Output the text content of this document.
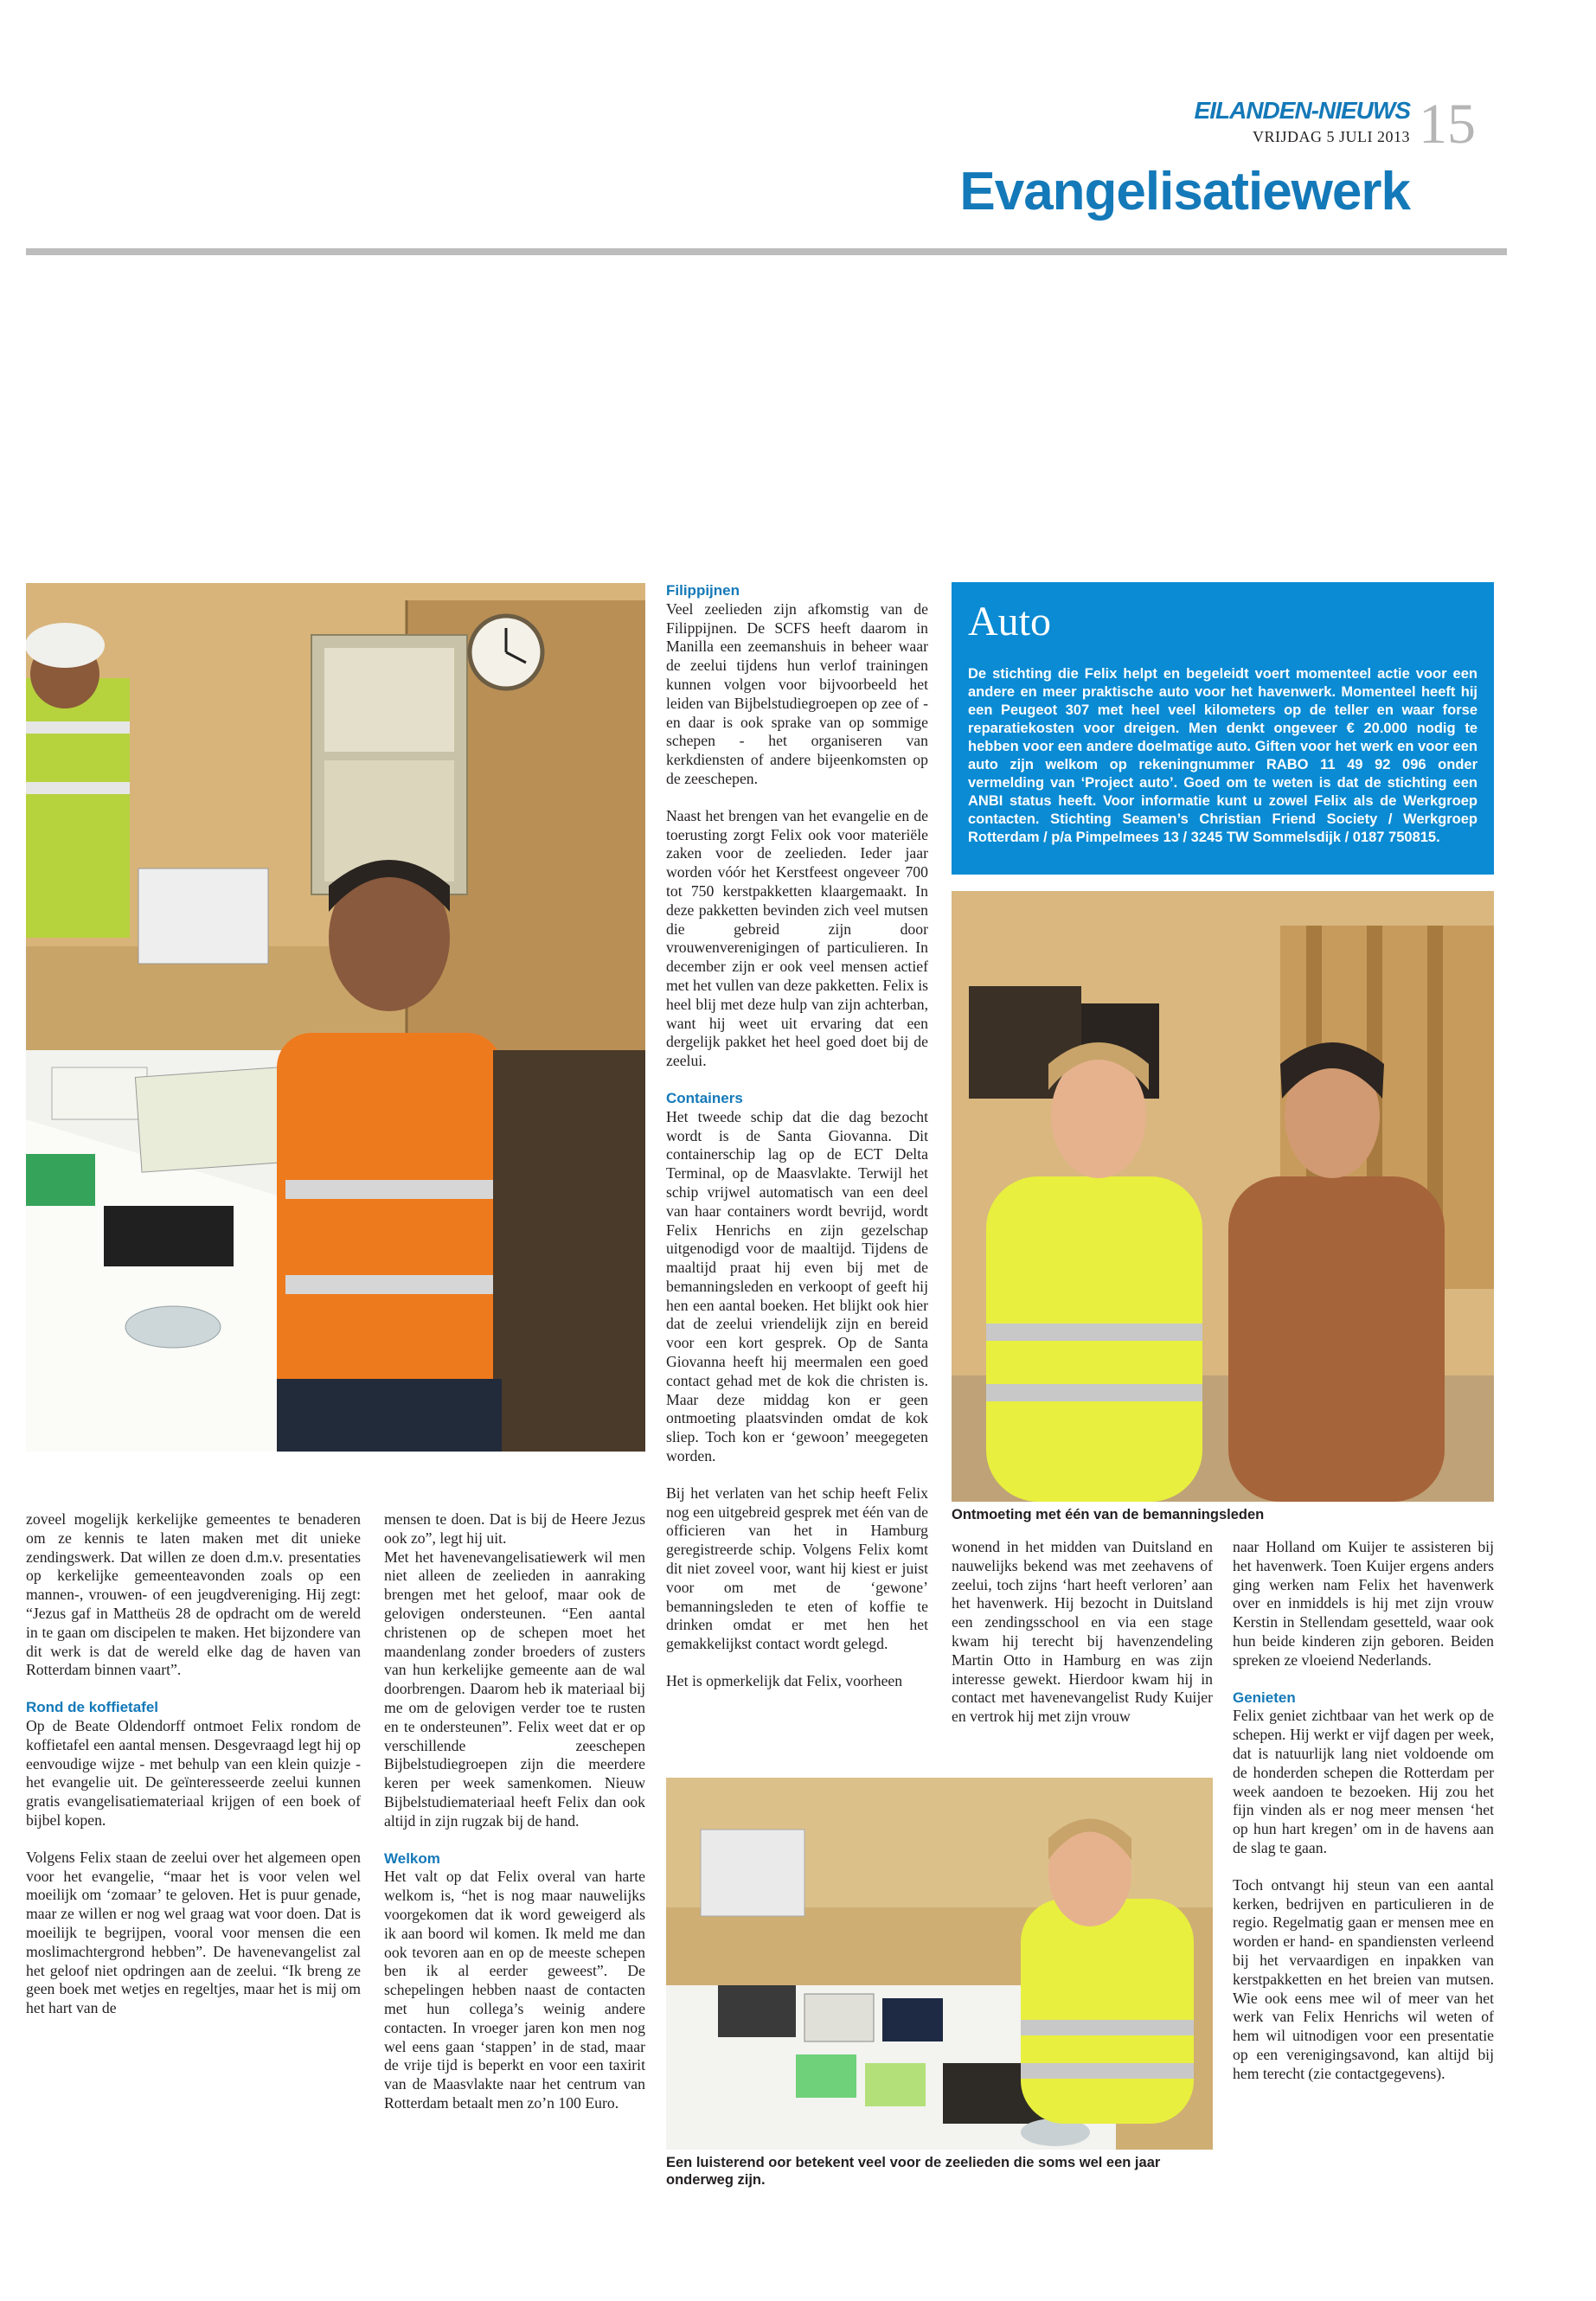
EILANDEN-NIEUWS
VRIJDAG 5 JULI 2013 15
Evangelisatiewerk

zoveel mogelijk kerkelijke gemeentes te benaderen om ze kennis te laten maken met dit unieke zendingswerk. Dat willen ze doen d.m.v. presentaties op kerkelijke gemeenteavonden zoals op een mannen-, vrouwen- of een jeugdvereniging. Hij zegt: “Jezus gaf in Mattheüs 28 de opdracht om de wereld in te gaan om discipelen te maken. Het bijzondere van dit werk is dat de wereld elke dag de haven van Rotterdam binnen vaart”.

Rond de koffietafel

Op de Beate Oldendorff ontmoet Felix rondom de koffietafel een aantal mensen. Desgevraagd legt hij op eenvoudige wijze - met behulp van een klein quizje - het evangelie uit. De geïnteresseerde zeelui kunnen gratis evangelisatiemateriaal krijgen of een boek of bijbel kopen.

Volgens Felix staan de zeelui over het algemeen open voor het evangelie, “maar het is voor velen wel moeilijk om ‘zomaar’ te geloven. Het is puur genade, maar ze willen er nog wel graag wat voor doen. Dat is moeilijk te begrijpen, vooral voor mensen die een moslimachtergrond hebben”. De havenevangelist zal het geloof niet opdringen aan de zeelui. “Ik breng ze geen boek met wetjes en regeltjes, maar het is mij om het hart van de

mensen te doen. Dat is bij de Heere Jezus ook zo”, legt hij uit.

Met het havenevangelisatiewerk wil men niet alleen de zeelieden in aanraking brengen met het geloof, maar ook de gelovigen ondersteunen. “Een aantal christenen op de schepen moet het maandenlang zonder broeders of zusters van hun kerkelijke gemeente aan de wal doorbrengen. Daarom heb ik materiaal bij me om de gelovigen verder toe te rusten en te ondersteunen”. Felix weet dat er op verschillende zeeschepen Bijbelstudiegroepen zijn die meerdere keren per week samenkomen. Nieuw Bijbelstudiemateriaal heeft Felix dan ook altijd in zijn rugzak bij de hand.

Welkom

Het valt op dat Felix overal van harte welkom is, “het is nog maar nauwelijks voorgekomen dat ik word geweigerd als ik aan boord wil komen. Ik meld me dan ook tevoren aan en op de meeste schepen ben ik al eerder geweest”. De schepelingen hebben naast de contacten met hun collega’s weinig andere contacten. In vroeger jaren kon men nog wel eens gaan ‘stappen’ in de stad, maar de vrije tijd is beperkt en voor een taxirit van de Maasvlakte naar het centrum van Rotterdam betaalt men zo’n 100 Euro.

Filippijnen

Veel zeelieden zijn afkomstig van de Filippijnen. De SCFS heeft daarom in Manilla een zeemanshuis in beheer waar de zeelui tijdens hun verlof trainingen kunnen volgen voor bijvoorbeeld het leiden van Bijbelstudiegroepen op zee of - en daar is ook sprake van op sommige schepen - het organiseren van kerkdiensten of andere bijeenkomsten op de zeeschepen.

Naast het brengen van het evangelie en de toerusting zorgt Felix ook voor materiële zaken voor de zeelieden. Ieder jaar worden vóór het Kerstfeest ongeveer 700 tot 750 kerstpakketten klaargemaakt. In deze pakketten bevinden zich veel mutsen die gebreid zijn door vrouwenverenigingen of particulieren. In december zijn er ook veel mensen actief met het vullen van deze pakketten. Felix is heel blij met deze hulp van zijn achterban, want hij weet uit ervaring dat een dergelijk pakket het heel goed doet bij de zeelui.

Containers

Het tweede schip dat die dag bezocht wordt is de Santa Giovanna. Dit containerschip lag op de ECT Delta Terminal, op de Maasvlakte. Terwijl het schip vrijwel automatisch van een deel van haar containers wordt bevrijd, wordt Felix Henrichs en zijn gezelschap uitgenodigd voor de maaltijd. Tijdens de maaltijd praat hij even bij met de bemanningsleden en verkoopt of geeft hij hen een aantal boeken. Het blijkt ook hier dat de zeelui vriendelijk zijn en bereid voor een kort gesprek. Op de Santa Giovanna heeft hij meermalen een goed contact gehad met de kok die christen is. Maar deze middag kon er geen ontmoeting plaatsvinden omdat de kok sliep. Toch kon er ‘gewoon’ meegegeten worden.

Bij het verlaten van het schip heeft Felix nog een uitgebreid gesprek met één van de officieren van het in Hamburg geregistreerde schip. Volgens Felix komt dit niet zoveel voor, want hij kiest er juist voor om met de ‘gewone’ bemanningsleden te eten of koffie te drinken omdat er met hen het gemakkelijkst contact wordt gelegd.

Het is opmerkelijk dat Felix, voorheen

Auto
De stichting die Felix helpt en begeleidt voert momenteel actie voor een andere en meer praktische auto voor het havenwerk. Momenteel heeft hij een Peugeot 307 met heel veel kilometers op de teller en waar forse reparatiekosten voor dreigen. Men denkt ongeveer € 20.000 nodig te hebben voor een andere doelmatige auto. Giften voor het werk en voor een auto zijn welkom op rekeningnummer RABO 11 49 92 096 onder vermelding van ‘Project auto’. Goed om te weten is dat de stichting een ANBI status heeft. Voor informatie kunt u zowel Felix als de Werkgroep contacten. Stichting Seamen’s Christian Friend Society / Werkgroep Rotterdam / p/a Pimpelmees 13 / 3245 TW Sommelsdijk / 0187 750815.
Ontmoeting met één van de bemanningsleden

wonend in het midden van Duitsland en nauwelijks bekend was met zeehavens of zeelui, toch zijns ‘hart heeft verloren’ aan het havenwerk. Hij bezocht in Duitsland een zendingsschool en via een stage kwam hij terecht bij havenzendeling Martin Otto in Hamburg en was zijn interesse gewekt. Hierdoor kwam hij in contact met havenevangelist Rudy Kuijer en vertrok hij met zijn vrouw

naar Holland om Kuijer te assisteren bij het havenwerk. Toen Kuijer ergens anders ging werken nam Felix het havenwerk over en inmiddels is hij met zijn vrouw Kerstin in Stellendam gesetteld, waar ook hun beide kinderen zijn geboren. Beiden spreken ze vloeiend Nederlands.

Genieten

Felix geniet zichtbaar van het werk op de schepen. Hij werkt er vijf dagen per week, dat is natuurlijk lang niet voldoende om de honderden schepen die Rotterdam per week aandoen te bezoeken. Hij zou het fijn vinden als er nog meer mensen ‘het op hun hart kregen’ om in de havens aan de slag te gaan.

Toch ontvangt hij steun van een aantal kerken, bedrijven en particulieren in de regio. Regelmatig gaan er mensen mee en worden er hand- en spandiensten verleend bij het vervaardigen en inpakken van kerstpakketten en het breien van mutsen. Wie ook eens mee wil of meer van het werk van Felix Henrichs wil weten of hem wil uitnodigen voor een presentatie op een verenigingsavond, kan altijd bij hem terecht (zie contactgegevens).

Een luisterend oor betekent veel voor de zeelieden die soms wel een jaar onderweg zijn.
